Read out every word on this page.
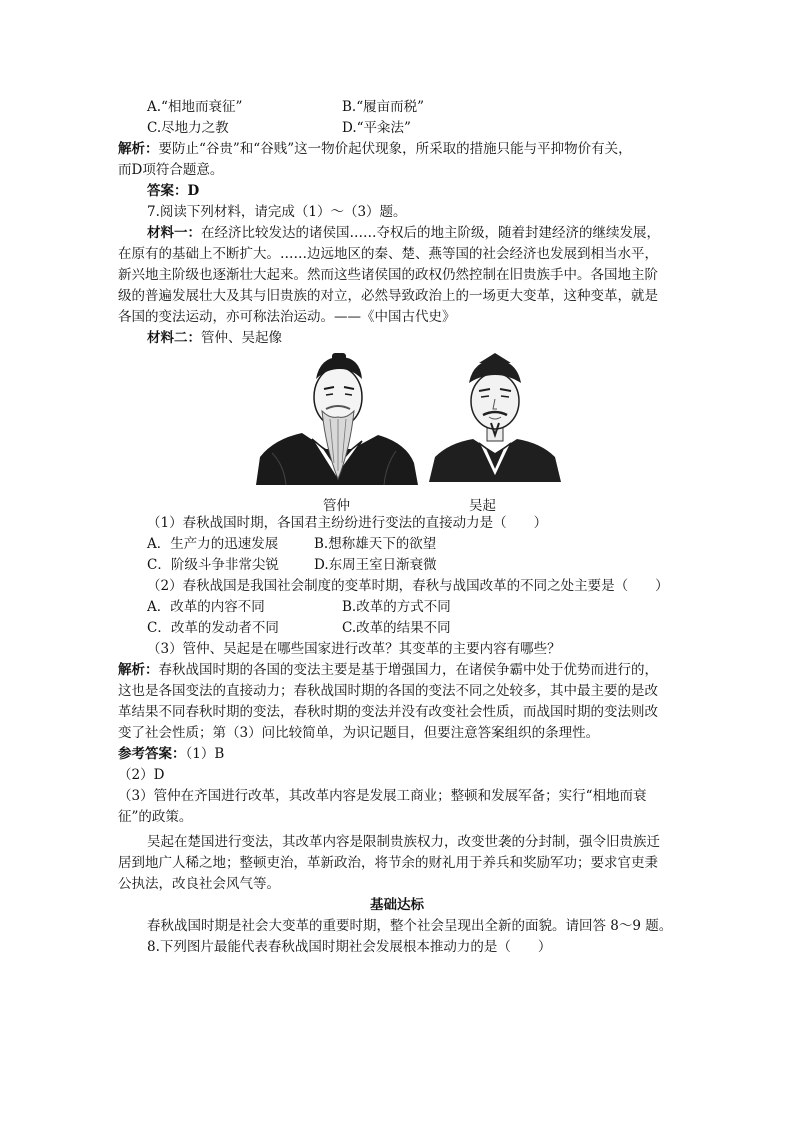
A.“相地而衰征”	B.“履亩而税”
C.尽地力之教	D.“平籴法”
解析：要防止“谷贵”和“谷贱”这一物价起伏现象，所采取的措施只能与平抑物价有关，
而D项符合题意。
答案：D
7.阅读下列材料，请完成（1）～（3）题。
材料一：在经济比较发达的诸侯国……夺权后的地主阶级，随着封建经济的继续发展，
在原有的基础上不断扩大。……边远地区的秦、楚、燕等国的社会经济也发展到相当水平，
新兴地主阶级也逐渐壮大起来。然而这些诸侯国的政权仍然控制在旧贵族手中。各国地主阶
级的普遍发展壮大及其与旧贵族的对立，必然导致政治上的一场更大变革，这种变革，就是
各国的变法运动，亦可称法治运动。——《中国古代史》
材料二：管仲、吴起像
管仲	吴起
（1）春秋战国时期，各国君主纷纷进行变法的直接动力是（　　）
A．生产力的迅速发展	B.想称雄天下的欲望
C．阶级斗争非常尖锐	D.东周王室日渐衰微
（2）春秋战国是我国社会制度的变革时期，春秋与战国改革的不同之处主要是（　　）
A．改革的内容不同	B.改革的方式不同
C．改革的发动者不同	C.改革的结果不同
（3）管仲、吴起是在哪些国家进行改革？其变革的主要内容有哪些？
解析：春秋战国时期的各国的变法主要是基于增强国力，在诸侯争霸中处于优势而进行的，
这也是各国变法的直接动力；春秋战国时期的各国的变法不同之处较多，其中最主要的是改
革结果不同春秋时期的变法，春秋时期的变法并没有改变社会性质，而战国时期的变法则改
变了社会性质；第（3）问比较简单，为识记题目，但要注意答案组织的条理性。
参考答案：（1）B
（2）D
（3）管仲在齐国进行改革，其改革内容是发展工商业；整顿和发展军备；实行“相地而衰
征”的政策。
吴起在楚国进行变法，其改革内容是限制贵族权力，改变世袭的分封制，强令旧贵族迁
居到地广人稀之地；整顿吏治，革新政治，将节余的财礼用于养兵和奖励军功；要求官吏秉
公执法，改良社会风气等。
基础达标
春秋战国时期是社会大变革的重要时期，整个社会呈现出全新的面貌。请回答 8～9 题。
8.下列图片最能代表春秋战国时期社会发展根本推动力的是（　　）
